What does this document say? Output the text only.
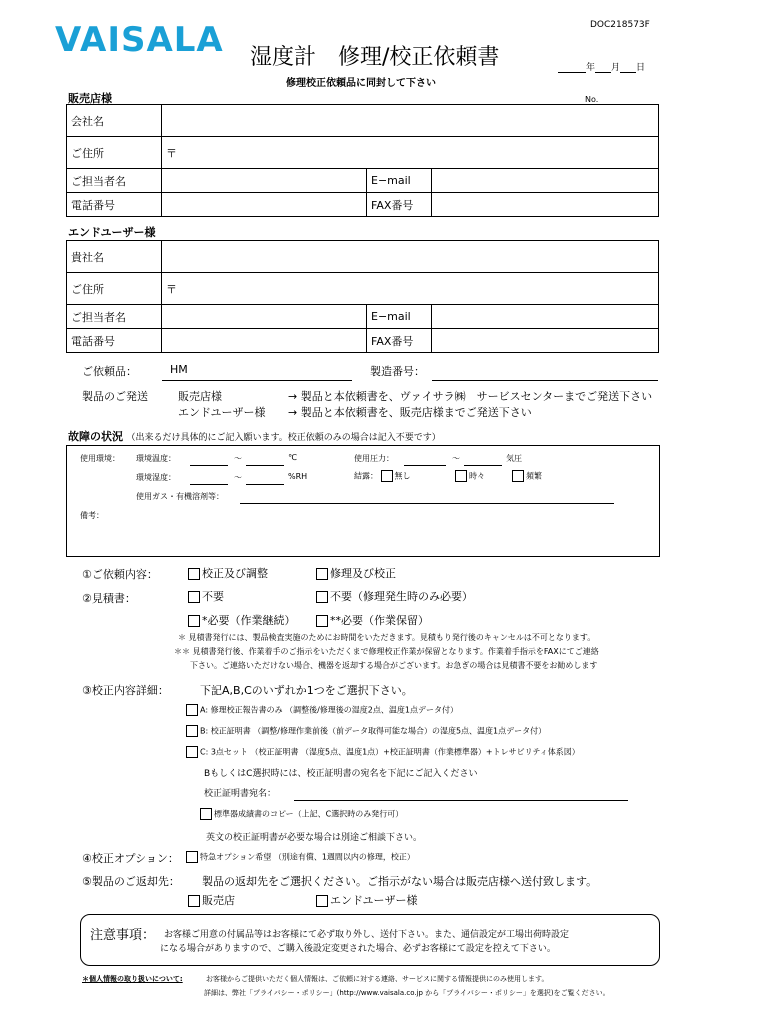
VAISALA	DOC218573F
湿度計　修理/校正依頼書	年 月 日
修理校正依頼品に同封して下さい
販売店様	No.
会社名			
ご住所	〒		
ご担当者名		E−mail	
電話番号		FAX番号	
エンドユーザー様
貴社名			
ご住所	〒		
ご担当者名		E−mail	
電話番号		FAX番号	
ご依頼品：	HM	製造番号：
製品のご発送	販売店様	→ 製品と本依頼書を、ヴァイサラ㈱　サービスセンターまでご発送下さい
エンドユーザー様 → 製品と本依頼書を、販売店様までご発送下さい
故障の状況 （出来るだけ具体的にご記入願います。校正依頼のみの場合は記入不要です）
使用環境： 環境温度：	～	℃	使用圧力：	～	気圧
環境湿度：	～	%RH	結露： 無し	時々	頻繁
使用ガス・有機溶剤等：
備考：
①ご依頼内容：	校正及び調整	修理及び校正
②見積書：	不要	不要（修理発生時のみ必要）
*必要（作業継続）	**必要（作業保留）
＊ 見積書発行には、製品検査実施のためにお時間をいただきます。見積もり発行後のキャンセルは不可となります。
＊＊ 見積書発行後、作業着手のご指示をいただくまで修理校正作業が保留となります。作業着手指示をFAXにてご連絡
下さい。ご連絡いただけない場合、機器を返却する場合がございます。お急ぎの場合は見積書不要をお勧めします
③校正内容詳細：	下記A,B,Cのいずれか1つをご選択下さい。
A: 修理校正報告書のみ （調整後/修理後の湿度2点、温度1点データ付）
B: 校正証明書 （調整/修理作業前後（前データ取得可能な場合）の湿度5点、温度1点データ付）
C: 3点セット （校正証明書 （湿度5点、温度1点）+校正証明書（作業標準器）+トレサビリティ体系図）
BもしくはC選択時には、校正証明書の宛名を下記にご記入ください
校正証明書宛名：
標準器成績書のコピー（上記、C選択時のみ発行可）
英文の校正証明書が必要な場合は別途ご相談下さい。
④校正オプション：	特急オプション希望 （別途有償、1週間以内の修理，校正）
⑤製品のご返却先： 製品の返却先をご選択ください。ご指示がない場合は販売店様へ送付致します。
販売店	エンドユーザー様
注意事項： お客様ご用意の付属品等はお客様にて必ず取り外し、送付下さい。また、通信設定が工場出荷時設定
になる場合がありますので、ご購入後設定変更された場合、必ずお客様にて設定を控えて下さい。
＊個人情報の取り扱いについて:	お客様からご提供いただく個人情報は、ご依頼に対する連絡、サービスに関する情報提供にのみ使用します。
詳細は、弊社「プライバシー・ポリシー」(http://www.vaisala.co.jp から「プライバシー・ポリシー」を選択)をご覧ください。
